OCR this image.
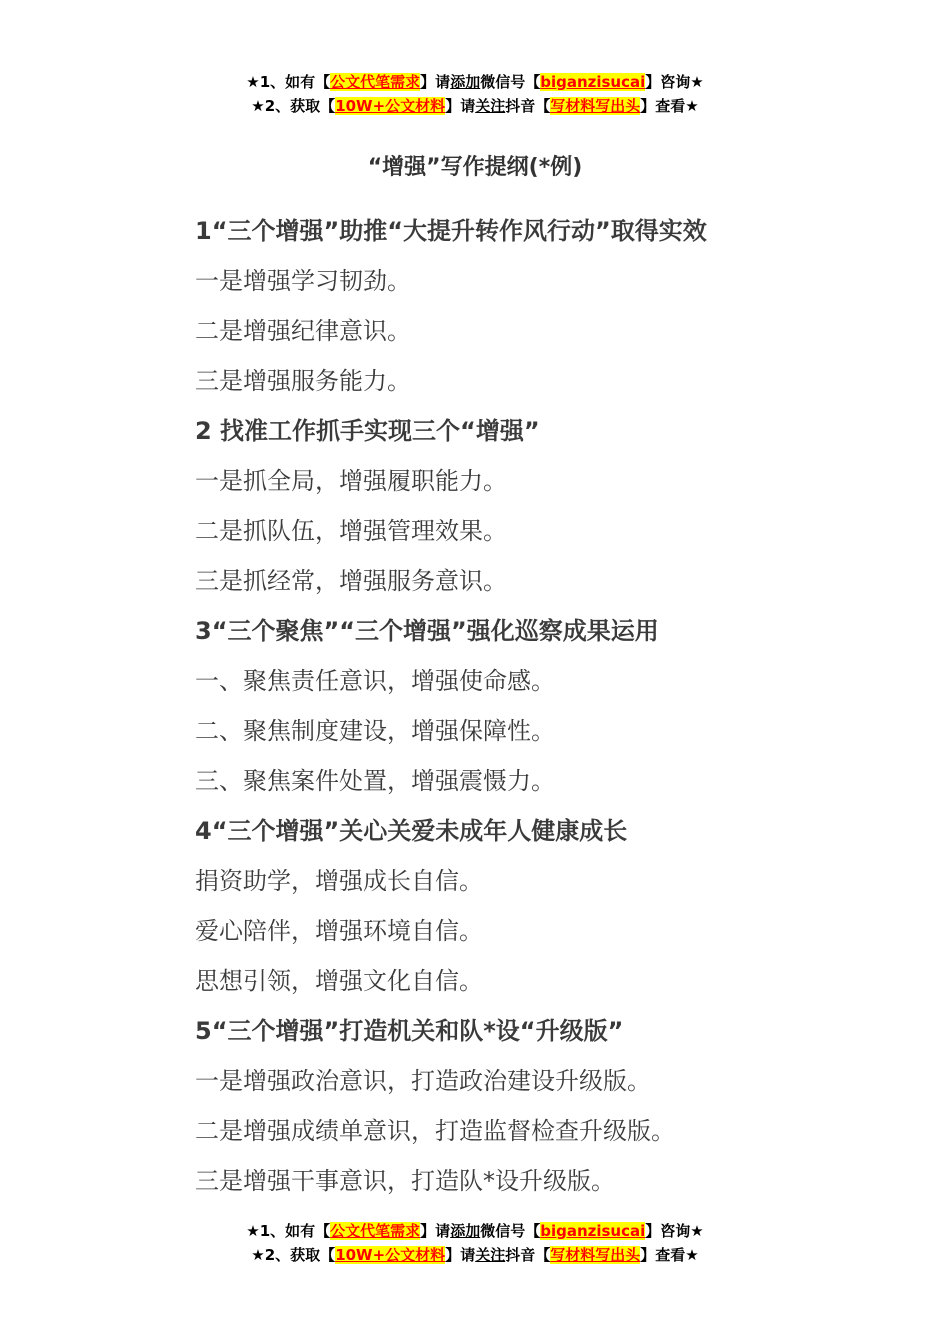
★1、如有【公文代笔需求】请添加微信号【biganzisucai】咨询★
★2、获取【10W+公文材料】请关注抖音【写材料写出头】查看★
“增强”写作提纲(*例)
1“三个增强”助推“大提升转作风行动”取得实效
一是增强学习韧劲。
二是增强纪律意识。
三是增强服务能力。
2 找准工作抓手实现三个“增强”
一是抓全局，增强履职能力。
二是抓队伍，增强管理效果。
三是抓经常，增强服务意识。
3“三个聚焦”“三个增强”强化巡察成果运用
一、聚焦责任意识，增强使命感。
二、聚焦制度建设，增强保障性。
三、聚焦案件处置，增强震慑力。
4“三个增强”关心关爱未成年人健康成长
捐资助学，增强成长自信。
爱心陪伴，增强环境自信。
思想引领，增强文化自信。
5“三个增强”打造机关和队*设“升级版”
一是增强政治意识，打造政治建设升级版。
二是增强成绩单意识，打造监督检查升级版。
三是增强干事意识，打造队*设升级版。
★1、如有【公文代笔需求】请添加微信号【biganzisucai】咨询★
★2、获取【10W+公文材料】请关注抖音【写材料写出头】查看★
